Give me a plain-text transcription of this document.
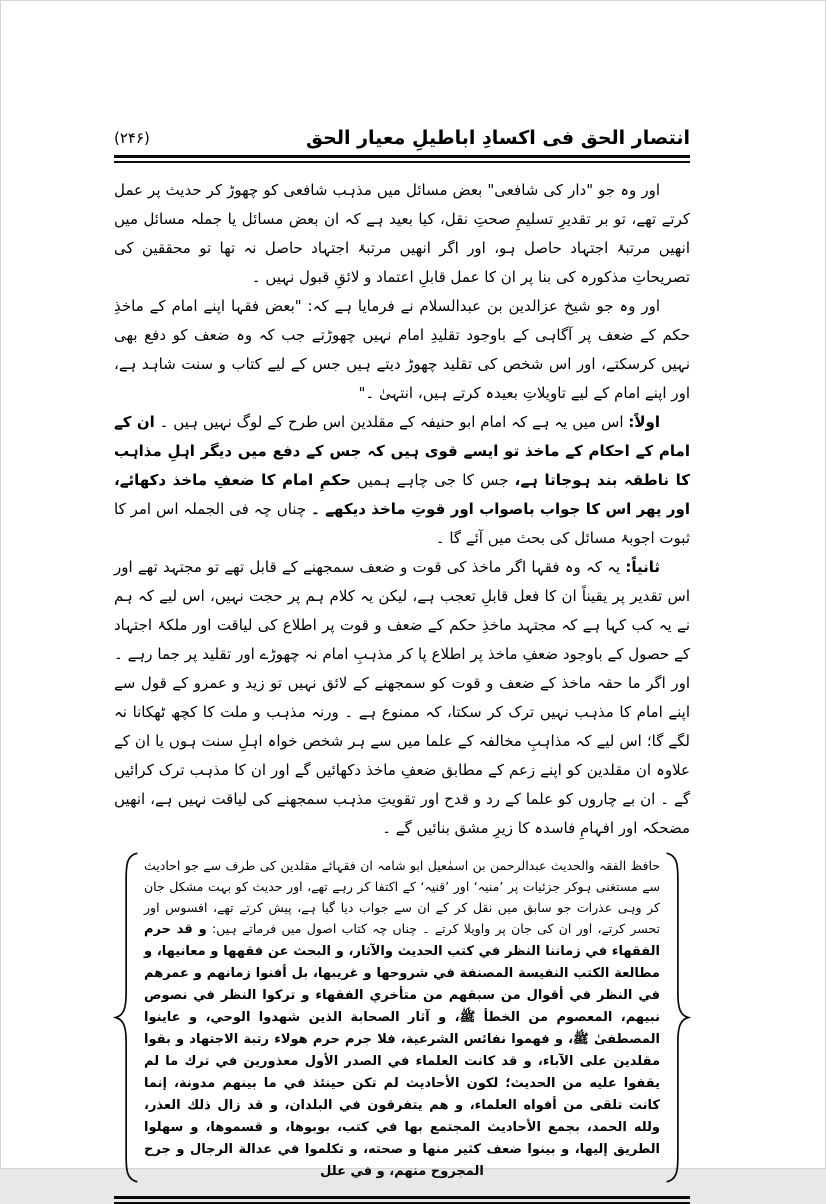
انتصار الحق فی اکسادِ اباطیلِ معیار الحق
(۲۴۶)

اور وہ جو "دار کی شافعی" بعض مسائل میں مذہب شافعی کو چھوڑ کر حدیث پر عمل کرتے تھے، تو بر تقدیرِ تسلیمِ صحتِ نقل، کیا بعید ہے کہ ان بعض مسائل یا جملہ مسائل میں انھیں مرتبۂ اجتہاد حاصل ہو، اور اگر انھیں مرتبۂ اجتہاد حاصل نہ تھا تو محققین کی تصریحاتِ مذکورہ کی بنا پر ان کا عمل قابلِ اعتماد و لائقِ قبول نہیں ۔

اور وہ جو شیخ عزالدین بن عبدالسلام نے فرمایا ہے کہ: "بعض فقہا اپنے امام کے ماخذِ حکم کے ضعف پر آگاہی کے باوجود تقلیدِ امام نہیں چھوڑتے جب کہ وہ ضعف کو دفع بھی نہیں کرسکتے، اور اس شخص کی تقلید چھوڑ دیتے ہیں جس کے لیے کتاب و سنت شاہد ہے، اور اپنے امام کے لیے تاویلاتِ بعیدہ کرتے ہیں، انتہیٰ ۔"

اولاً: اس میں یہ ہے کہ امام ابو حنیفہ کے مقلدین اس طرح کے لوگ نہیں ہیں ۔ ان کے امام کے احکام کے ماخذ تو ایسے قوی ہیں کہ جس کے دفع میں دیگر اہلِ مذاہب کا ناطقہ بند ہوجاتا ہے، جس کا جی چاہے ہمیں حکمِ امام کا ضعفِ ماخذ دکھائے، اور پھر اس کا جواب باصواب اور قوتِ ماخذ دیکھے ۔ چناں چہ فی الجملہ اس امر کا ثبوت اجوبۂ مسائل کی بحث میں آئے گا ۔

ثانیاً: یہ کہ وہ فقہا اگر ماخذ کی قوت و ضعف سمجھنے کے قابل تھے تو مجتہد تھے اور اس تقدیر پر یقیناً ان کا فعل قابلِ تعجب ہے، لیکن یہ کلام ہم پر حجت نہیں، اس لیے کہ ہم نے یہ کب کہا ہے کہ مجتہد ماخذِ حکم کے ضعف و قوت پر اطلاع کی لیاقت اور ملکۂ اجتہاد کے حصول کے باوجود ضعفِ ماخذ پر اطلاع پا کر مذہبِ امام نہ چھوڑے اور تقلید پر جما رہے ۔ اور اگر ما حقہ ماخذ کے ضعف و قوت کو سمجھنے کے لائق نہیں تو زید و عمرو کے قول سے اپنے امام کا مذہب نہیں ترک کر سکتا، کہ ممنوع ہے ۔ ورنہ مذہب و ملت کا کچھ ٹھکانا نہ لگے گا؛ اس لیے کہ مذاہبِ مخالفہ کے علما میں سے ہر شخص خواہ اہلِ سنت ہوں یا ان کے علاوہ ان مقلدین کو اپنے زعم کے مطابق ضعفِ ماخذ دکھائیں گے اور ان کا مذہب ترک کرائیں گے ۔ ان بے چاروں کو علما کے رد و قدح اور تقویتِ مذہب سمجھنے کی لیاقت نہیں ہے، انھیں مضحکہ اور افہامِ فاسدہ کا زیرِ مشق بنائیں گے ۔

حافظ الفقہ والحدیث عبدالرحمن بن اسمٰعیل ابو شامہ ان فقہائے مقلدین کی طرف سے جو احادیث سے مستغنی ہوکر جزئیات پر ’منیہ‘ اور ’قنیہ‘ کے اکتفا کر رہے تھے، اور حدیث کو بہت مشکل جان کر وہی عذرات جو سابق میں نقل کر کے ان سے جواب دیا گیا ہے، پیش کرتے تھے، افسوس اور تحسر کرتے، اور ان کی جان پر واویلا کرتے ۔ چناں چہ کتاب اصول میں فرماتے ہیں: و قد حرم الفقهاء في زماننا النظر في كتب الحديث والآثار، و البحث عن فقهها و معانيها، و مطالعة الكتب النفيسة المصنفة في شروحها و غريبها، بل أفنوا زمانهم و عمرهم في النظر في أقوال من سبقهم من متأخري الفقهاء و تركوا النظر في نصوص نبيهم، المعصوم من الخطأ ﷺ، و آثار الصحابة الذين شهدوا الوحي، و عاينوا المصطفىٰ ﷺ، و فهموا نفائس الشرعية، فلا جرم حرم هولاء رتبة الاجتهاد و بقوا مقلدين على الآباء، و قد كانت العلماء في الصدر الأول معذورين في ترك ما لم يقفوا عليه من الحديث؛ لكون الأحاديث لم تكن حينئذ في ما بينهم مدونة، إنما كانت تلقى من أفواه العلماء، و هم يتفرقون في البلدان، و قد زال ذلك العذر، ولله الحمد، بجمع الأحاديث المجتمع بها في كتب، بوبوها، و قسموها، و سهلوا الطريق إليها، و بينوا ضعف كثير منها و صحته، و تكلموا في عدالة الرجال و جرح المجروح منهم، و في علل
